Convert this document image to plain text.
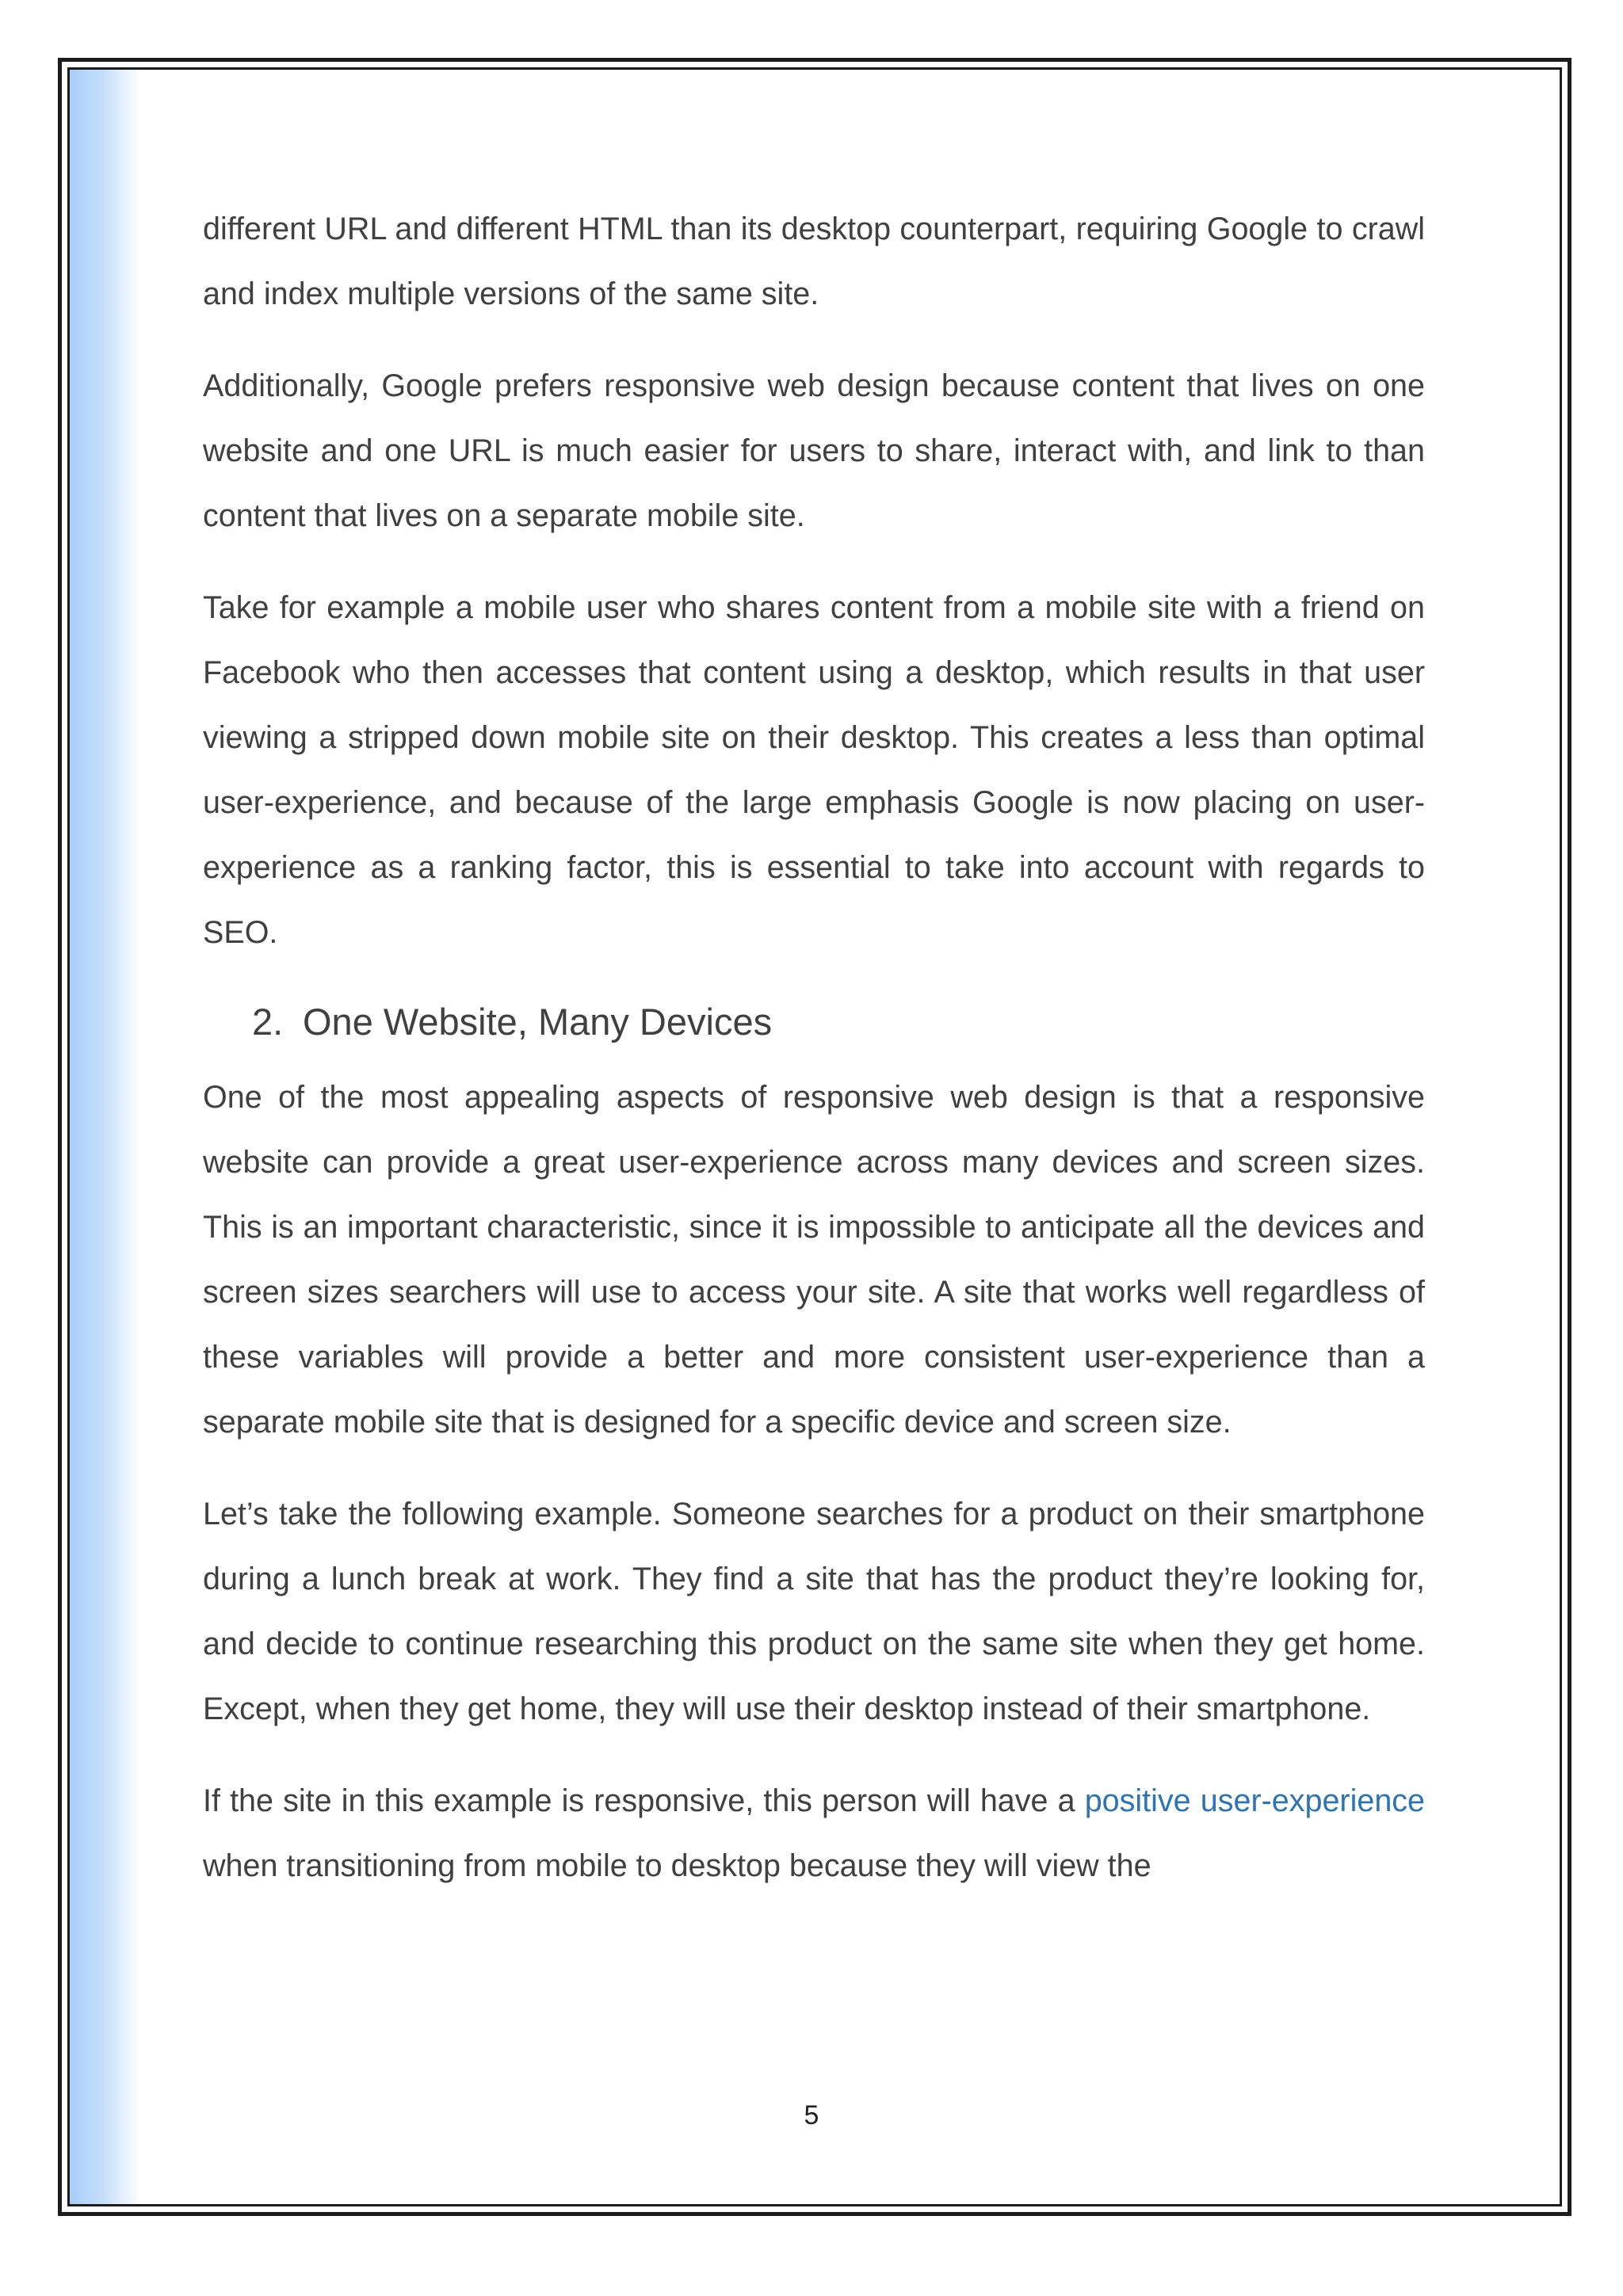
different URL and different HTML than its desktop counterpart, requiring Google to crawl and index multiple versions of the same site.

Additionally, Google prefers responsive web design because content that lives on one website and one URL is much easier for users to share, interact with, and link to than content that lives on a separate mobile site.

Take for example a mobile user who shares content from a mobile site with a friend on Facebook who then accesses that content using a desktop, which results in that user viewing a stripped down mobile site on their desktop. This creates a less than optimal user-experience, and because of the large emphasis Google is now placing on user-experience as a ranking factor, this is essential to take into account with regards to SEO.

2. One Website, Many Devices

One of the most appealing aspects of responsive web design is that a responsive website can provide a great user-experience across many devices and screen sizes. This is an important characteristic, since it is impossible to anticipate all the devices and screen sizes searchers will use to access your site. A site that works well regardless of these variables will provide a better and more consistent user-experience than a separate mobile site that is designed for a specific device and screen size.

Let’s take the following example. Someone searches for a product on their smartphone during a lunch break at work. They find a site that has the product they’re looking for, and decide to continue researching this product on the same site when they get home. Except, when they get home, they will use their desktop instead of their smartphone.

If the site in this example is responsive, this person will have a positive user-experience when transitioning from mobile to desktop because they will view the

5
